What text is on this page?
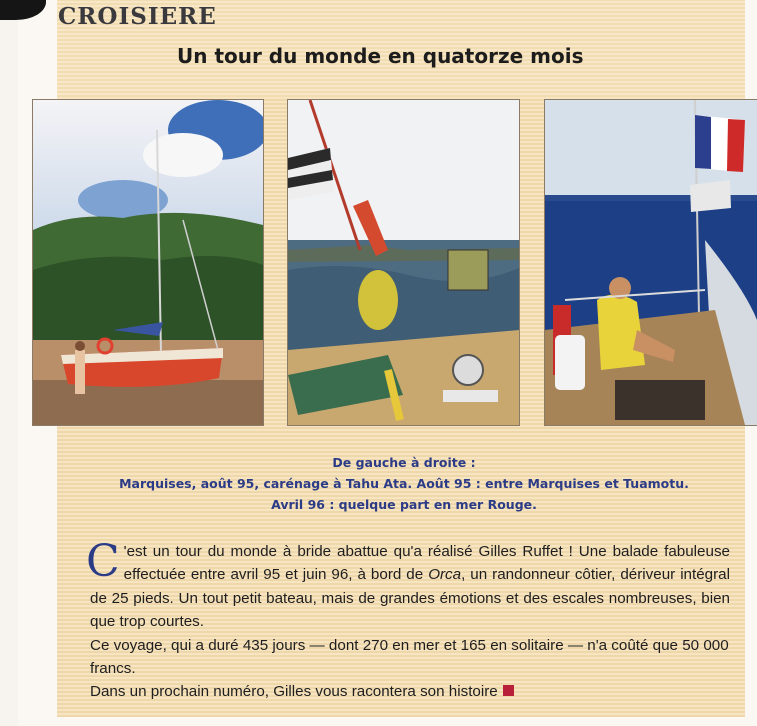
CROISIERE
Un tour du monde en quatorze mois
De gauche à droite :
Marquises, août 95, carénage à Tahu Ata. Août 95 : entre Marquises et Tuamotu.
Avril 96 : quelque part en mer Rouge.

C 'est un tour du monde à bride abattue qu'a réalisé Gilles Ruffet ! Une balade fabuleuse effectuée entre avril 95 et juin 96, à bord de Orca, un randonneur côtier, dériveur intégral de 25 pieds. Un tout petit bateau, mais de grandes émotions et des escales nombreuses, bien que trop courtes.

Ce voyage, qui a duré 435 jours — dont 270 en mer et 165 en solitaire — n'a coûté que 50 000 francs.

Dans un prochain numéro, Gilles vous racontera son histoire
